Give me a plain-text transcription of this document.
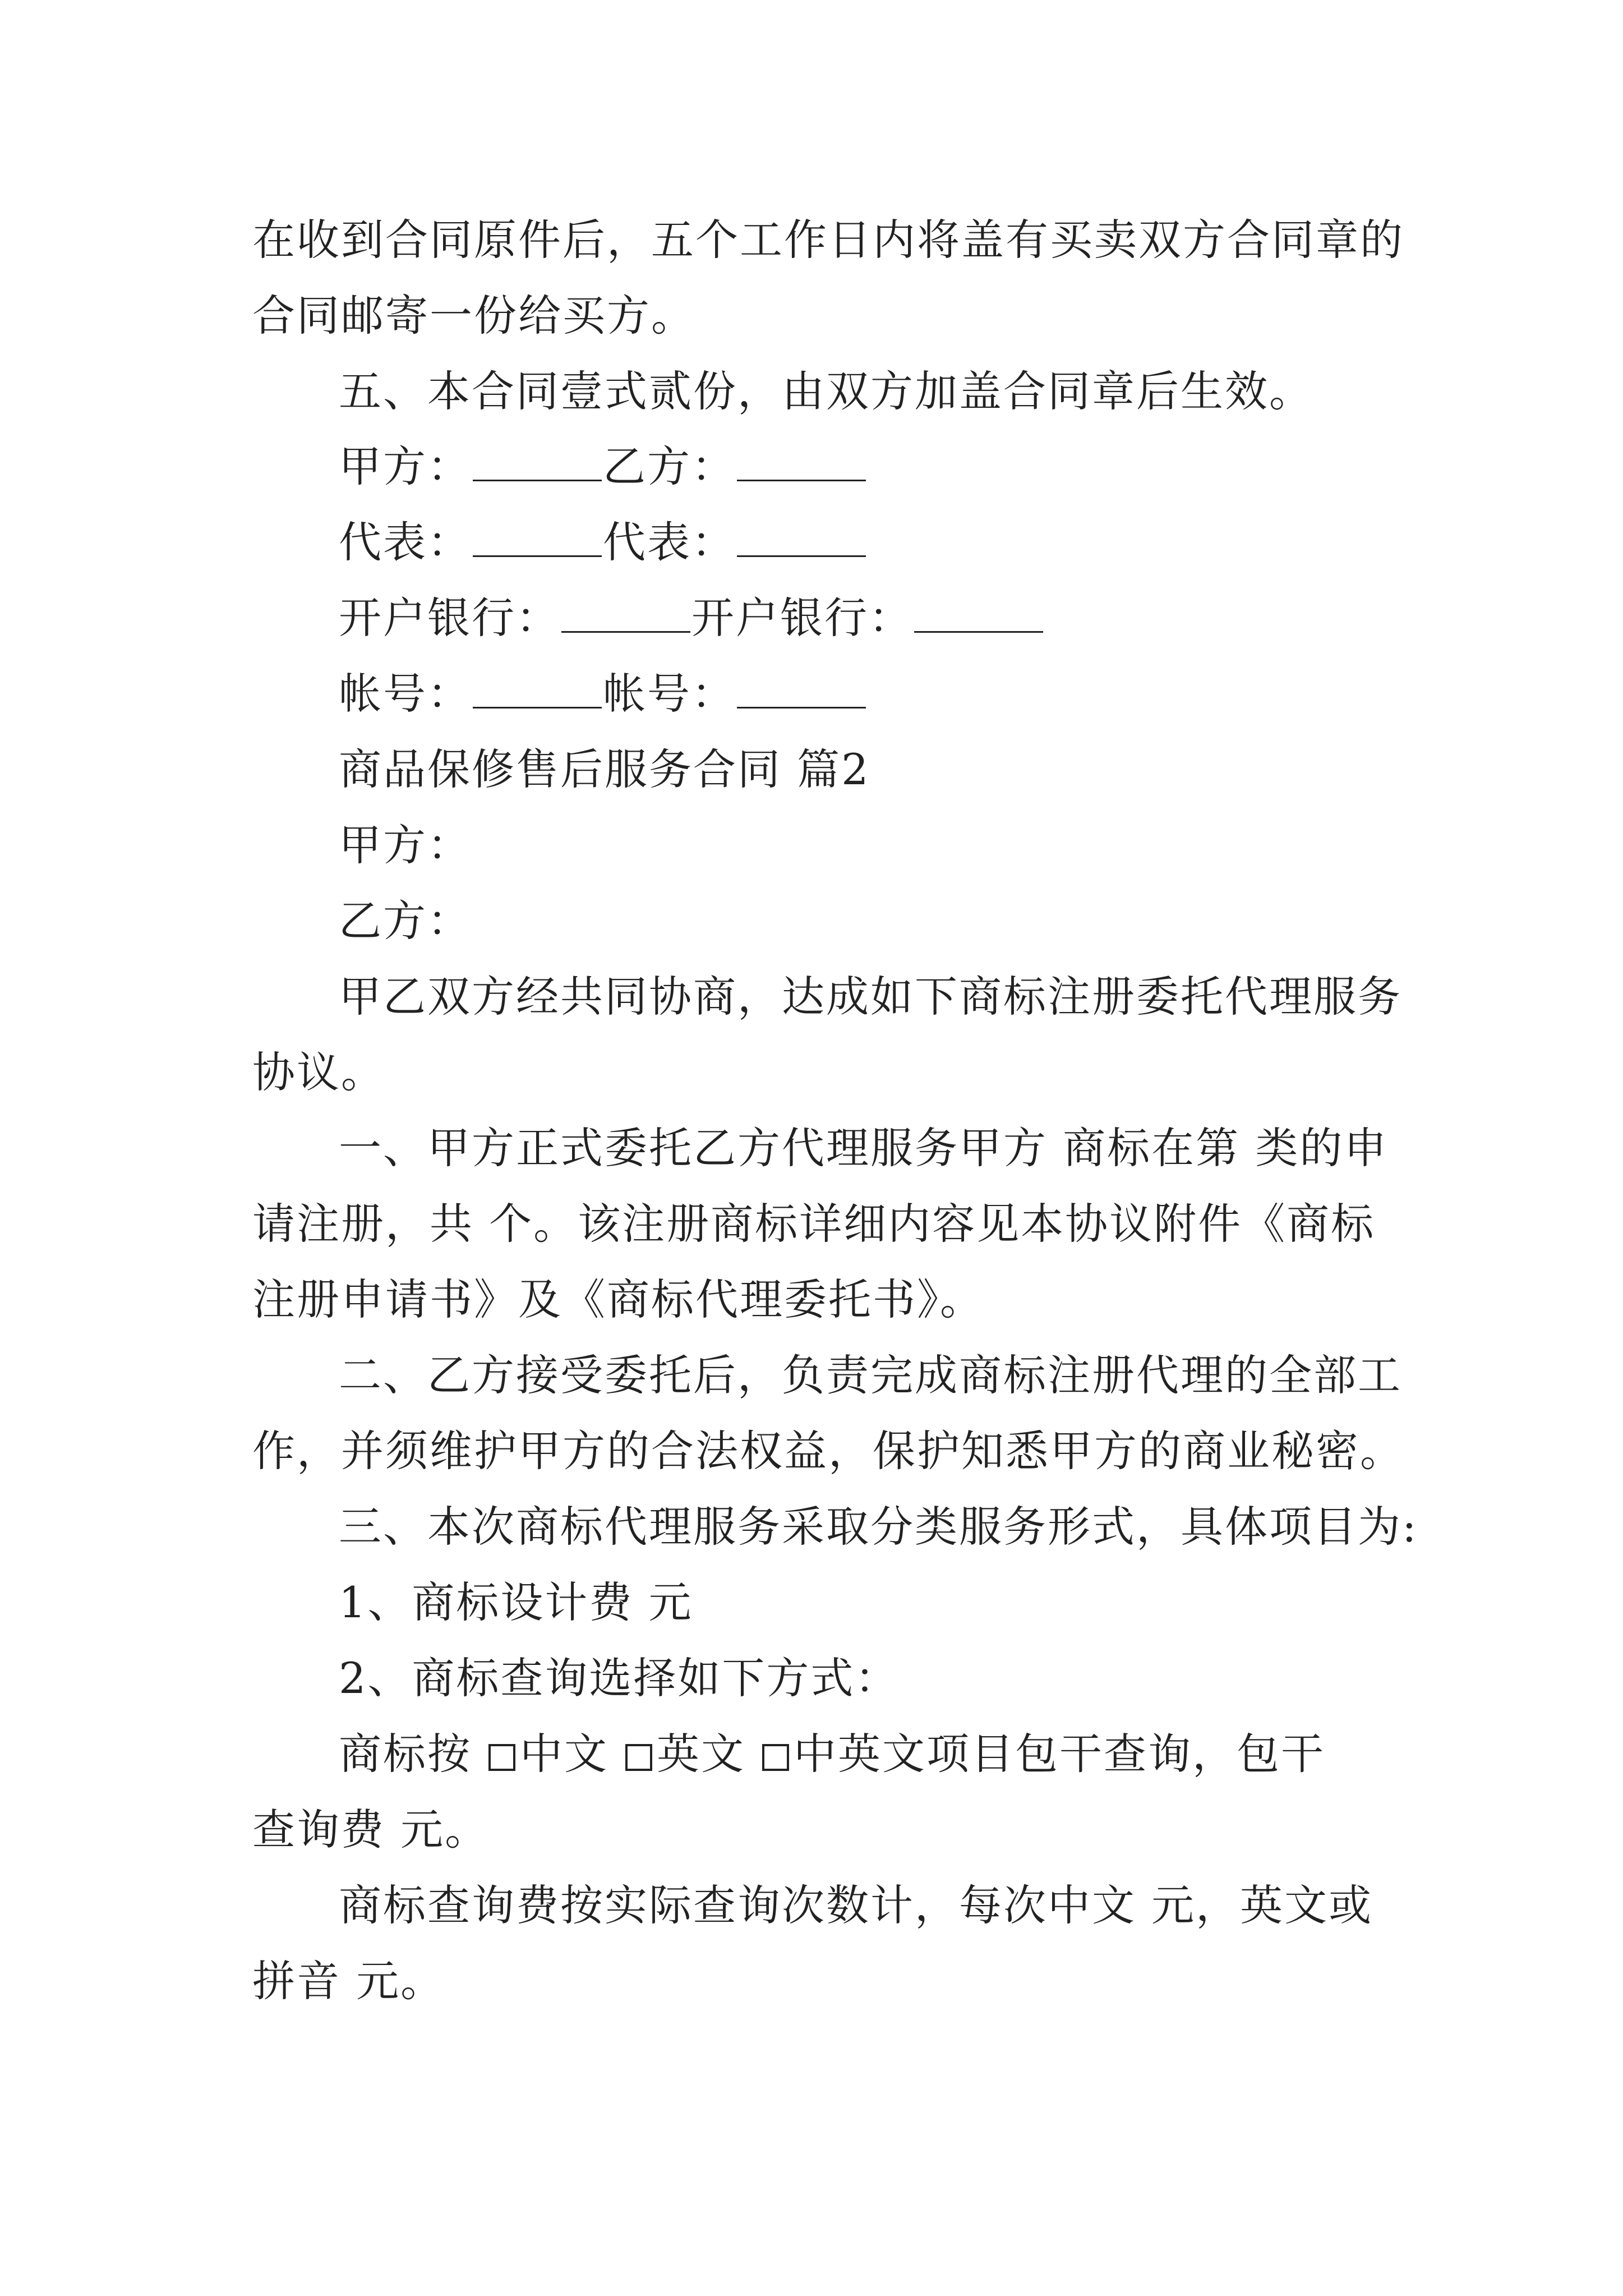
在收到合同原件后，五个工作日内将盖有买卖双方合同章的
合同邮寄一份给买方。
五、本合同壹式贰份，由双方加盖合同章后生效。
甲方：	乙方：
代表：	代表：
开户银行：	开户银行：
帐号：	帐号：
商品保修售后服务合同 篇2
甲方：
乙方：
甲乙双方经共同协商，达成如下商标注册委托代理服务
协议。
一、甲方正式委托乙方代理服务甲方 商标在第 类的申
请注册，共 个。该注册商标详细内容见本协议附件《商标
注册申请书》及《商标代理委托书》。
二、乙方接受委托后，负责完成商标注册代理的全部工
作，并须维护甲方的合法权益，保护知悉甲方的商业秘密。
三、本次商标代理服务采取分类服务形式，具体项目为:
1、商标设计费 元
2、商标查询选择如下方式：
商标按 中文 英文 中英文项目包干查询，包干
查询费 元。
商标查询费按实际查询次数计，每次中文 元，英文或
拼音 元。
